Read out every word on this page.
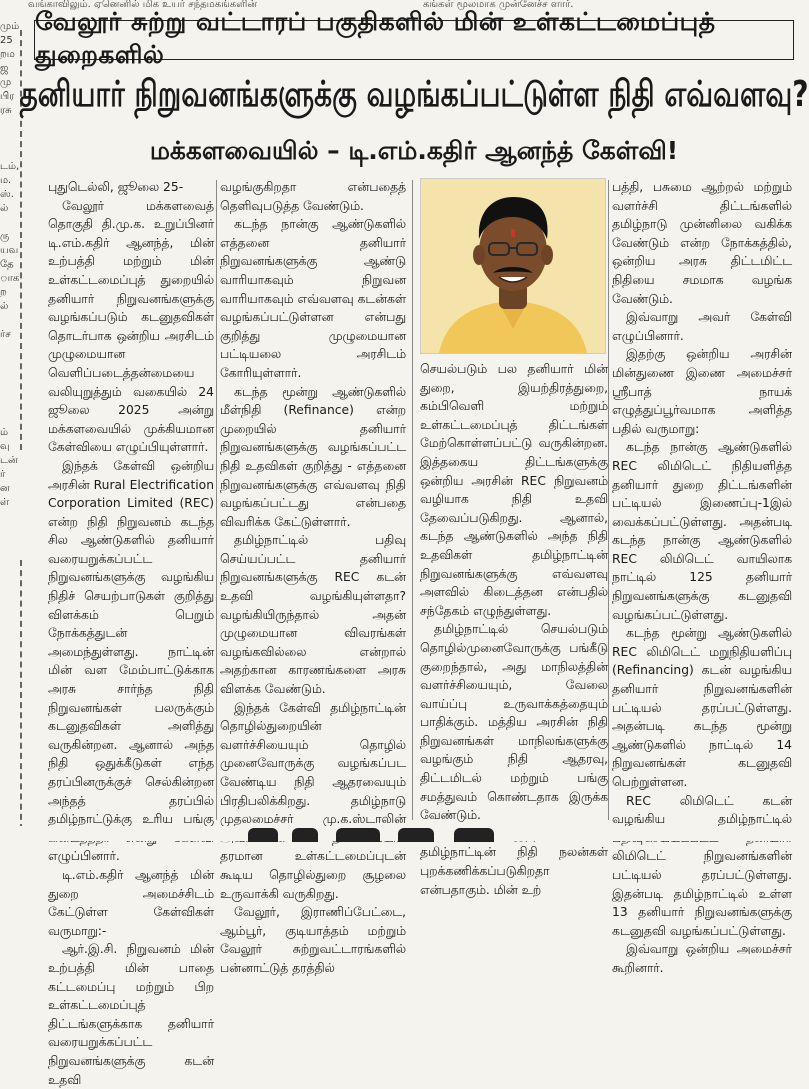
வங்காவிலும். ஏனெனில் மிக உயர் சந்தமகங்களின்	கங்கள் மூலமாக முன்னேச்ச ளார்.
மும்
25
றம
ஜ
மு
பிர
ரசு

டம்,
ம.
ஸ்.
ல்

ரு
யவ
தே
ாக
ற
ல்

ர்ச

ம்
வு
டன்
ர்
ன
ள்

வேலூர் சுற்று வட்டாரப் பகுதிகளில் மின் உள்கட்டமைப்புத் துறைகளில்
தனியார் நிறுவனங்களுக்கு வழங்கப்பட்டுள்ள நிதி எவ்வளவு?
மக்களவையில் – டி.எம்.கதிர் ஆனந்த் கேள்வி!

புதுடெல்லி, ஜூலை 25-

வேலூர் மக்களவைத் தொகுதி தி.மு.க. உறுப்பினர் டி.எம்.கதிர் ஆனந்த், மின் உற்பத்தி மற்றும் மின் உள்கட்டமைப்புத் துறையில் தனியார் நிறுவனங்களுக்கு வழங்கப்படும் கடனுதவிகள் தொடர்பாக ஒன்றிய அரசிடம் முழுமையான வெளிப்படைத்தன்மையை வலியுறுத்தும் வகையில் 24 ஜூலை 2025 அன்று மக்களவையில் முக்கியமான கேள்வியை எழுப்பியுள்ளார்.

இந்தக் கேள்வி ஒன்றிய அரசின் Rural Electrification Corporation Limited (REC) என்ற நிதி நிறுவனம் கடந்த சில ஆண்டுகளில் தனியார் வரையறுக்கப்பட்ட நிறுவனங்களுக்கு வழங்கிய நிதிச் செயற்பாடுகள் குறித்து விளக்கம் பெறும் நோக்கத்துடன் அமைந்துள்ளது. நாட்டின் மின் வள மேம்பாட்டுக்காக அரசு சார்ந்த நிதி நிறுவனங்கள் பலருக்கும் கடனுதவிகள் அளித்து வருகின்றன. ஆனால் அந்த நிதி ஒதுக்கீடுகள் எந்த தரப்பினருக்குச் செல்கின்றன அந்தத் தரப்பில் தமிழ்நாட்டுக்கு உரிய பங்கு எழுப்பினார்.

டி.எம்.கதிர் ஆனந்த் மின் துறை அமைச்சிடம் கேட்டுள்ள கேள்விகள் வருமாறு:-

ஆர்.இ.சி. நிறுவனம் மின் உற்பத்தி மின் பாதை கட்டமைப்பு மற்றும் பிற உள்கட்டமைப்புத் திட்டங்களுக்காக தனியார் வரையறுக்கப்பட்ட நிறுவனங்களுக்கு கடன் உதவி

வழங்குகிறதா என்பதைத் தெளிவுபடுத்த வேண்டும்.

கடந்த நான்கு ஆண்டுகளில் எத்தனை தனியார் நிறுவனங்களுக்கு ஆண்டு வாரியாகவும் நிறுவன வாரியாகவும் எவ்வளவு கடன்கள் வழங்கப்பட்டுள்ளன என்பது குறித்து முழுமையான பட்டியலை அரசிடம் கோரியுள்ளார்.

கடந்த மூன்று ஆண்டுகளில் மீள்நிதி (Refinance) என்ற முறையில் தனியார் நிறுவனங்களுக்கு வழங்கப்பட்ட நிதி உதவிகள் குறித்து - எத்தனை நிறுவனங்களுக்கு எவ்வளவு நிதி வழங்கப்பட்டது என்பதை விவரிக்க கேட்டுள்ளார்.

தமிழ்நாட்டில் பதிவு செய்யப்பட்ட தனியார் நிறுவனங்களுக்கு REC கடன் உதவி வழங்கியுள்ளதா? வழங்கியிருந்தால் அதன் முழுமையான விவரங்கள் வழங்கவில்லை என்றால் அதற்கான காரணங்களை அரசு விளக்க வேண்டும்.

இந்தக் கேள்வி தமிழ்நாட்டின் தொழில்துறையின் வளர்ச்சியையும் தொழில் முனைவோருக்கு வழங்கப்பட வேண்டிய நிதி ஆதரவையும் பிரதிபலிக்கிறது. தமிழ்நாடு முதலமைச்சர் மு.க.ஸ்டாலின் தரமான உள்கட்டமைப்புடன் கூடிய தொழில்துறை சூழலை உருவாக்கி வருகிறது.

வேலூர், இராணிப்பேட்டை, ஆம்பூர், குடியாத்தம் மற்றும் வேலூர் சுற்றுவட்டாரங்களில் பன்னாட்டுத் தரத்தில்

செயல்படும் பல தனியார் மின் துறை, இயற்திரத்துறை, கம்பிவெளி மற்றும் உள்கட்டமைப்புத் திட்டங்கள் மேற்கொள்ளப்பட்டு வருகின்றன. இத்தகைய திட்டங்களுக்கு ஒன்றிய அரசின் REC நிறுவனம் வழியாக நிதி உதவி தேவைப்படுகிறது. ஆனால், கடந்த ஆண்டுகளில் அந்த நிதி உதவிகள் தமிழ்நாட்டின் நிறுவனங்களுக்கு எவ்வளவு அளவில் கிடைத்தன என்பதில் சந்தேகம் எழுந்துள்ளது.

தமிழ்நாட்டில் செயல்படும் தொழில்முனைவோருக்கு பங்கீடு குறைந்தால், அது மாநிலத்தின் வளர்ச்சியையும், வேலை வாய்ப்பு உருவாக்கத்தையும் பாதிக்கும். மத்திய அரசின் நிதி நிறுவனங்கள் மாநிலங்களுக்கு வழங்கும் நிதி ஆதரவு, திட்டமிடல் மற்றும் பங்கு சமத்துவம் கொண்டதாக இருக்க வேண்டும்.

தமிழ்நாட்டின் நிதி நலன்கள் புறக்கணிக்கப்படுகிறதா என்பதாகும். மின் உற்

பத்தி, பசுமை ஆற்றல் மற்றும் வளர்ச்சி திட்டங்களில் தமிழ்நாடு முன்னிலை வகிக்க வேண்டும் என்ற நோக்கத்தில், ஒன்றிய அரசு திட்டமிட்ட நிதியை சமமாக வழங்க வேண்டும்.

இவ்வாறு அவர் கேள்வி எழுப்பினார்.

இதற்கு ஒன்றிய அரசின் மின்துணை இணை அமைச்சர் ஸ்ரீபாத் நாயக் எழுத்துப்பூர்வமாக அளித்த பதில் வருமாறு:

கடந்த நான்கு ஆண்டுகளில் REC லிமிடெட் நிதியளித்த தனியார் துறை திட்டங்களின் பட்டியல் இணைப்பு-1இல் வைக்கப்பட்டுள்ளது. அதன்படி கடந்த நான்கு ஆண்டுகளில் REC லிமிடெட் வாயிலாக நாட்டில் 125 தனியார் நிறுவனங்களுக்கு கடனுதவி வழங்கப்பட்டுள்ளது.

கடந்த மூன்று ஆண்டுகளில் REC லிமிடெட் மறுநிதியளிப்பு (Refinancing) கடன் வழங்கிய தனியார் நிறுவனங்களின் பட்டியல் தரப்பட்டுள்ளது. அதன்படி கடந்த மூன்று ஆண்டுகளில் நாட்டில் 14 நிறுவனங்கள் கடனுதவி பெற்றுள்ளன.

REC லிமிடெட் கடன் வழங்கிய தமிழ்நாட்டில் லிமிடெட் நிறுவனங்களின் பட்டியல் தரப்பட்டுள்ளது. இதன்படி தமிழ்நாட்டில் உள்ள 13 தனியார் நிறுவனங்களுக்கு கடனுதவி வழங்கப்பட்டுள்ளது.

இவ்வாறு ஒன்றிய அமைச்சர் கூறினார்.
